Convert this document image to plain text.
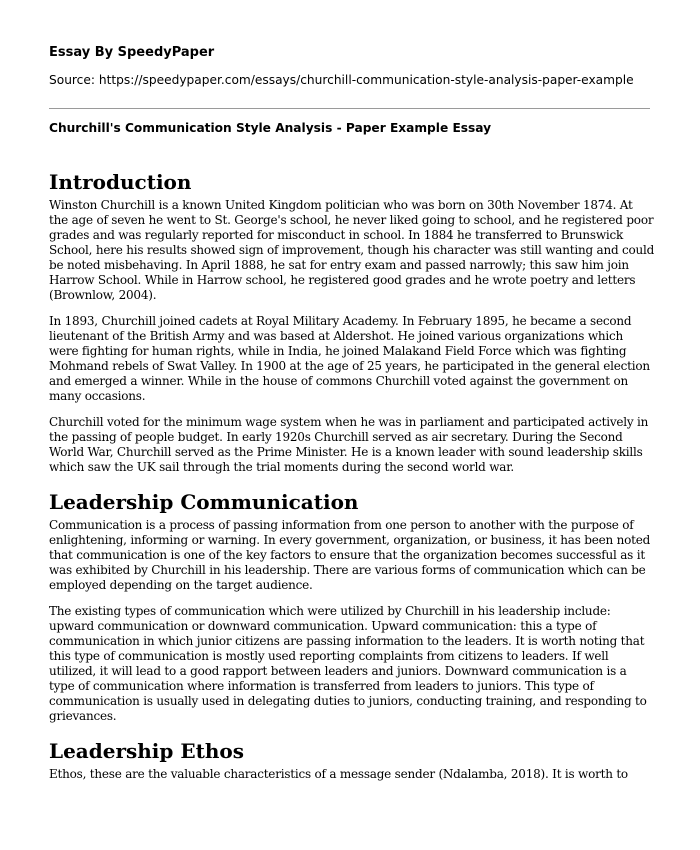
Essay By SpeedyPaper
Source: https://speedypaper.com/essays/churchill-communication-style-analysis-paper-example
Churchill's Communication Style Analysis - Paper Example Essay
Introduction

Winston Churchill is a known United Kingdom politician who was born on 30th November 1874. At the age of seven he went to St. George's school, he never liked going to school, and he registered poor grades and was regularly reported for misconduct in school. In 1884 he transferred to Brunswick School, here his results showed sign of improvement, though his character was still wanting and could be noted misbehaving. In April 1888, he sat for entry exam and passed narrowly; this saw him join Harrow School. While in Harrow school, he registered good grades and he wrote poetry and letters (Brownlow, 2004).

In 1893, Churchill joined cadets at Royal Military Academy. In February 1895, he became a second lieutenant of the British Army and was based at Aldershot. He joined various organizations which were fighting for human rights, while in India, he joined Malakand Field Force which was fighting Mohmand rebels of Swat Valley. In 1900 at the age of 25 years, he participated in the general election and emerged a winner. While in the house of commons Churchill voted against the government on many occasions.

Churchill voted for the minimum wage system when he was in parliament and participated actively in the passing of people budget. In early 1920s Churchill served as air secretary. During the Second World War, Churchill served as the Prime Minister. He is a known leader with sound leadership skills which saw the UK sail through the trial moments during the second world war.

Leadership Communication

Communication is a process of passing information from one person to another with the purpose of enlightening, informing or warning. In every government, organization, or business, it has been noted that communication is one of the key factors to ensure that the organization becomes successful as it was exhibited by Churchill in his leadership. There are various forms of communication which can be employed depending on the target audience.

The existing types of communication which were utilized by Churchill in his leadership include: upward communication or downward communication. Upward communication: this a type of communication in which junior citizens are passing information to the leaders. It is worth noting that this type of communication is mostly used reporting complaints from citizens to leaders. If well utilized, it will lead to a good rapport between leaders and juniors. Downward communication is a type of communication where information is transferred from leaders to juniors. This type of communication is usually used in delegating duties to juniors, conducting training, and responding to grievances.

Leadership Ethos

Ethos, these are the valuable characteristics of a message sender (Ndalamba, 2018). It is worth to
